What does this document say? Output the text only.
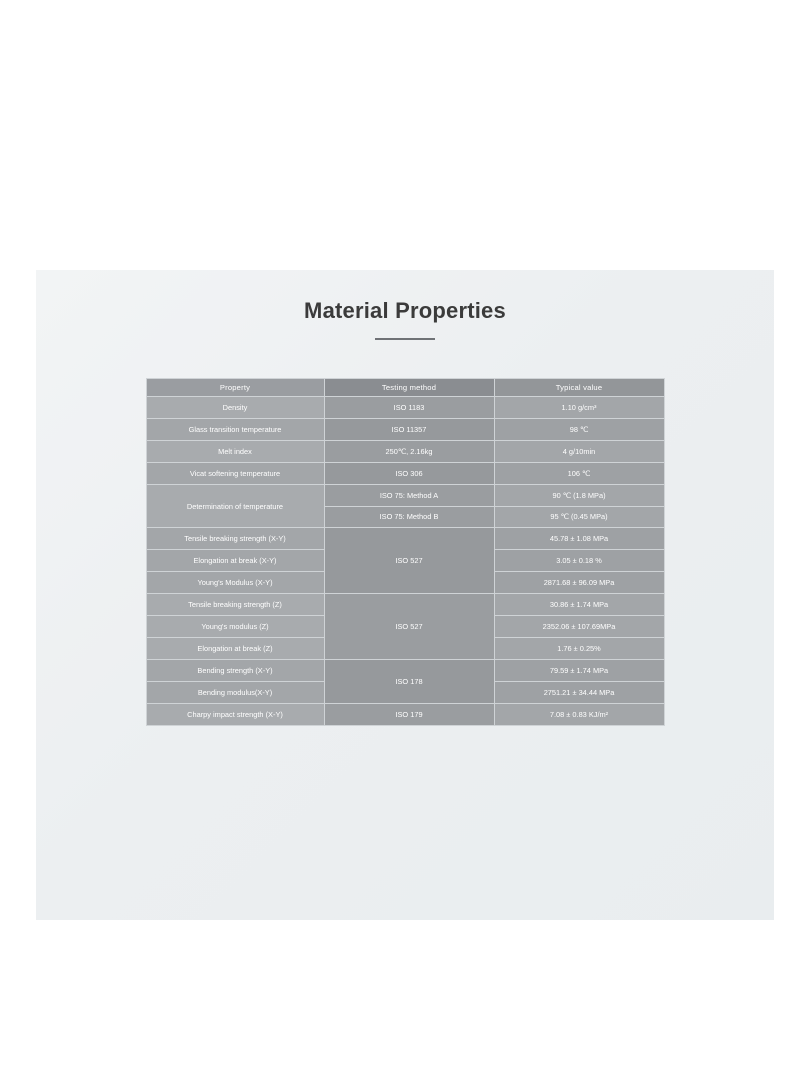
Material Properties
Property	Testing method	Typical value
Density	ISO 1183	1.10 g/cm³
Glass transition temperature	ISO 11357	98 ℃
Melt index	250℃, 2.16kg	4 g/10min
Vicat softening temperature	ISO 306	106 ℃
Determination of temperature	ISO 75: Method A	90 ℃ (1.8 MPa)
	ISO 75: Method B	95 ℃ (0.45 MPa)
Tensile breaking strength (X-Y)	ISO 527	45.78 ± 1.08 MPa
Elongation at break (X-Y)		3.05 ± 0.18 %
Young's Modulus (X-Y)		2871.68 ± 96.09 MPa
Tensile breaking strength (Z)	ISO 527	30.86 ± 1.74 MPa
Young's modulus (Z)		2352.06 ± 107.69MPa
Elongation at break (Z)		1.76 ± 0.25%
Bending strength (X-Y)	ISO 178	79.59 ± 1.74 MPa
Bending modulus(X-Y)		2751.21 ± 34.44 MPa
Charpy impact strength (X-Y)	ISO 179	7.08 ± 0.83 KJ/m²
